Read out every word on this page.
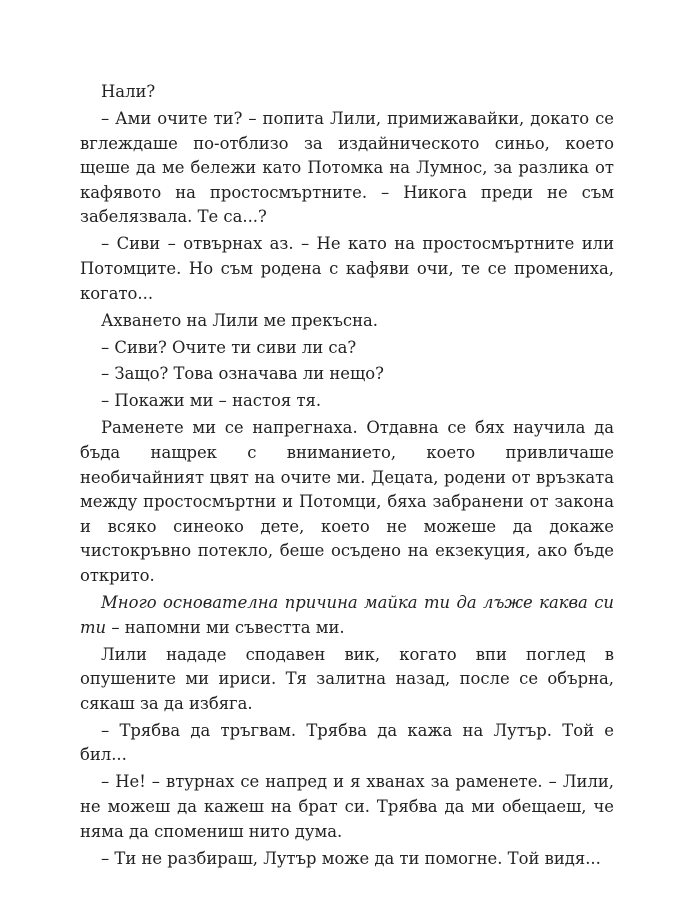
Нали?

– Ами очите ти? – попита Лили, примижавайки, докато се вглеждаше по-отблизо за издайническото синьо, което щеше да ме бележи като Потомка на Лумнос, за разлика от кафявото на простосмъртните. – Никога преди не съм забелязвала. Те са...?

– Сиви – отвърнах аз. – Не като на простосмъртните или Потомците. Но съм родена с кафяви очи, те се промениха, когато...

Ахването на Лили ме прекъсна.

– Сиви? Очите ти сиви ли са?

– Защо? Това означава ли нещо?

– Покажи ми – настоя тя.

Раменете ми се напрегнаха. Отдавна се бях научила да бъда нащрек с вниманието, което привличаше необичайният цвят на очите ми. Децата, родени от връзката между простосмъртни и Потомци, бяха забранени от закона и всяко синеоко дете, което не можеше да докаже чистокръвно потекло, беше осъдено на екзекуция, ако бъде открито.

Много основателна причина майка ти да лъже каква си ти – напомни ми съвестта ми.

Лили нададе сподавен вик, когато впи поглед в опушените ми ириси. Тя залитна назад, после се обърна, сякаш за да избяга.

– Трябва да тръгвам. Трябва да кажа на Лутър. Той е бил...

– Не! – втурнах се напред и я хванах за раменете. – Лили, не можеш да кажеш на брат си. Трябва да ми обещаеш, че няма да спомениш нито дума.

– Ти не разбираш, Лутър може да ти помогне. Той видя...
